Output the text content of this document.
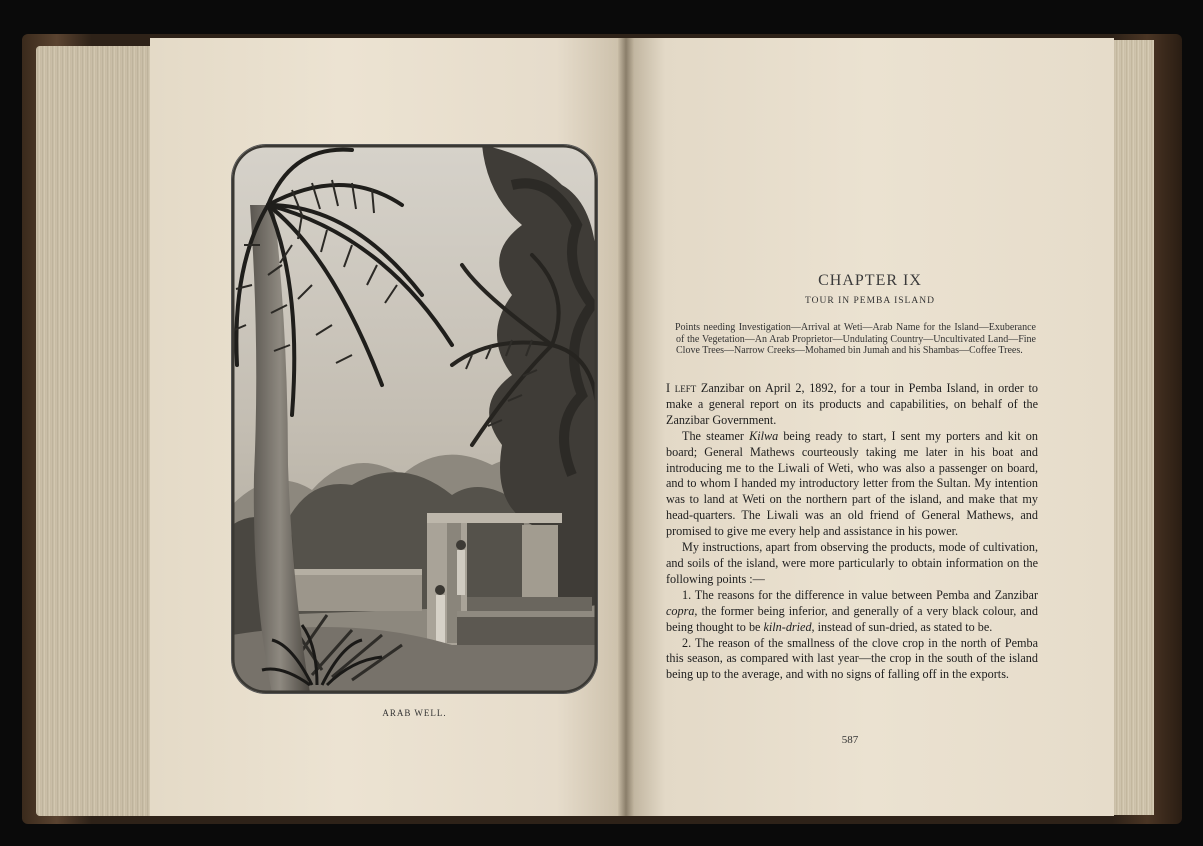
ARAB WELL.
CHAPTER IX
TOUR IN PEMBA ISLAND
Points needing Investigation—Arrival at Weti—Arab Name for the Island—Exuberance of the Vegetation—An Arab Proprietor—Undulating Country—Uncultivated Land—Fine Clove Trees—Narrow Creeks—Mohamed bin Jumah and his Shambas—Coffee Trees.

I left Zanzibar on April 2, 1892, for a tour in Pemba Island, in order to make a general report on its products and capabilities, on behalf of the Zanzibar Government.

The steamer Kilwa being ready to start, I sent my porters and kit on board; General Mathews courteously taking me later in his boat and introducing me to the Liwali of Weti, who was also a passenger on board, and to whom I handed my introductory letter from the Sultan. My intention was to land at Weti on the northern part of the island, and make that my head-quarters. The Liwali was an old friend of General Mathews, and promised to give me every help and assistance in his power.

My instructions, apart from observing the products, mode of cultivation, and soils of the island, were more particularly to obtain information on the following points :—

1. The reasons for the difference in value between Pemba and Zanzibar copra, the former being inferior, and generally of a very black colour, and being thought to be kiln-dried, instead of sun-dried, as stated to be.

2. The reason of the smallness of the clove crop in the north of Pemba this season, as compared with last year—the crop in the south of the island being up to the average, and with no signs of falling off in the exports.

587
